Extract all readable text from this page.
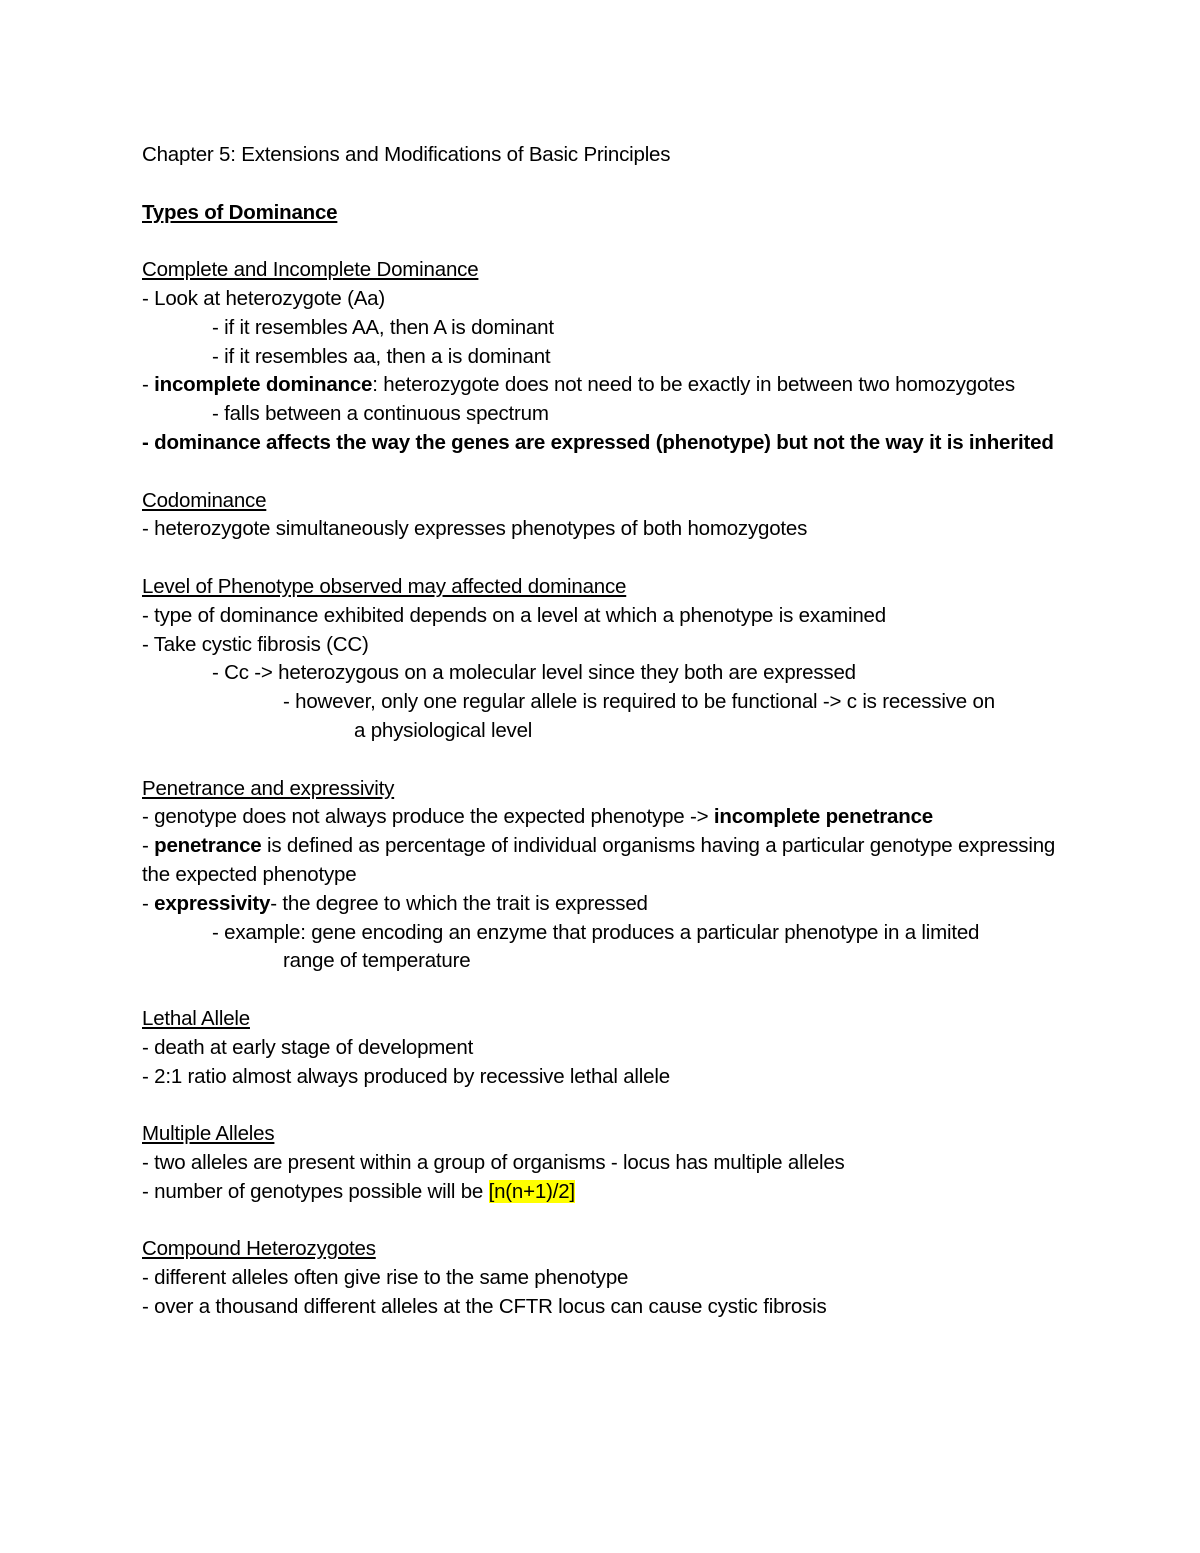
Chapter 5: Extensions and Modifications of Basic Principles
Types of Dominance
Complete and Incomplete Dominance
- Look at heterozygote (Aa)
- if it resembles AA, then A is dominant
- if it resembles aa, then a is dominant
- incomplete dominance: heterozygote does not need to be exactly in between two homozygotes
- falls between a continuous spectrum
- dominance affects the way the genes are expressed (phenotype) but not the way it is inherited
Codominance
- heterozygote simultaneously expresses phenotypes of both homozygotes
Level of Phenotype observed may affected dominance
- type of dominance exhibited depends on a level at which a phenotype is examined
- Take cystic fibrosis (CC)
- Cc -> heterozygous on a molecular level since they both are expressed
- however, only one regular allele is required to be functional -> c is recessive on
a physiological level
Penetrance and expressivity
- genotype does not always produce the expected phenotype -> incomplete penetrance
- penetrance is defined as percentage of individual organisms having a particular genotype expressing the expected phenotype
- expressivity- the degree to which the trait is expressed
- example: gene encoding an enzyme that produces a particular phenotype in a limited
range of temperature
Lethal Allele
- death at early stage of development
- 2:1 ratio almost always produced by recessive lethal allele
Multiple Alleles
- two alleles are present within a group of organisms - locus has multiple alleles
- number of genotypes possible will be [n(n+1)/2]
Compound Heterozygotes
- different alleles often give rise to the same phenotype
- over a thousand different alleles at the CFTR locus can cause cystic fibrosis
